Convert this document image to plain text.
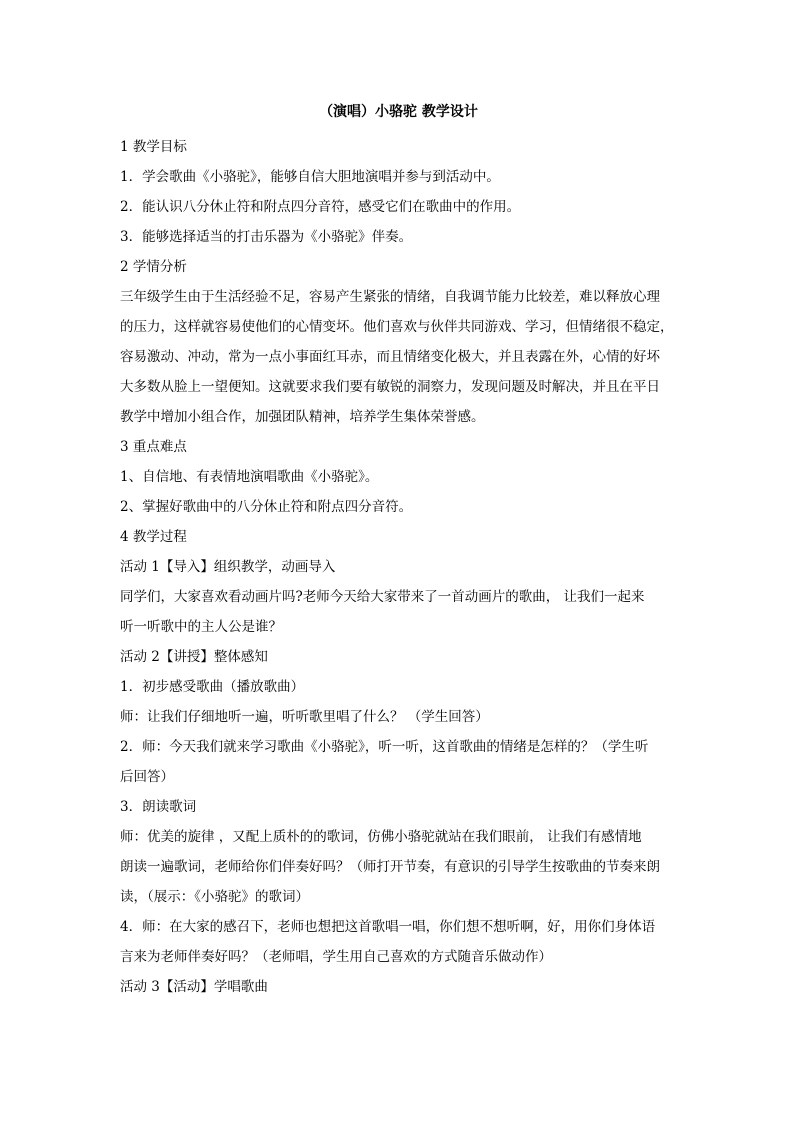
（演唱）小骆驼 教学设计
1 教学目标
1．学会歌曲《小骆驼》，能够自信大胆地演唱并参与到活动中。
2．能认识八分休止符和附点四分音符，感受它们在歌曲中的作用。
3．能够选择适当的打击乐器为《小骆驼》伴奏。
2 学情分析
三年级学生由于生活经验不足，容易产生紧张的情绪，自我调节能力比较差，难以释放心理
的压力，这样就容易使他们的心情变坏。他们喜欢与伙伴共同游戏、学习，但情绪很不稳定，
容易激动、冲动，常为一点小事面红耳赤，而且情绪变化极大，并且表露在外，心情的好坏
大多数从脸上一望便知。这就要求我们要有敏锐的洞察力，发现问题及时解决，并且在平日
教学中增加小组合作，加强团队精神，培养学生集体荣誉感。
3 重点难点
1、自信地、有表情地演唱歌曲《小骆驼》。
2、掌握好歌曲中的八分休止符和附点四分音符。
4 教学过程
活动 1【导入】组织教学，动画导入
同学们，大家喜欢看动画片吗?老师今天给大家带来了一首动画片的歌曲， 让我们一起来
听一听歌中的主人公是谁？
活动 2【讲授】整体感知
1．初步感受歌曲（播放歌曲）
师：让我们仔细地听一遍，听听歌里唱了什么？ （学生回答）
2．师：今天我们就来学习歌曲《小骆驼》，听一听，这首歌曲的情绪是怎样的？（学生听
后回答）
3．朗读歌词
师：优美的旋律 ，又配上质朴的的歌词，仿佛小骆驼就站在我们眼前， 让我们有感情地
朗读一遍歌词，老师给你们伴奏好吗？（师打开节奏，有意识的引导学生按歌曲的节奏来朗
读，（展示：《小骆驼》的歌词）
4．师：在大家的感召下，老师也想把这首歌唱一唱，你们想不想听啊，好，用你们身体语
言来为老师伴奏好吗？（老师唱，学生用自己喜欢的方式随音乐做动作）
活动 3【活动】学唱歌曲
